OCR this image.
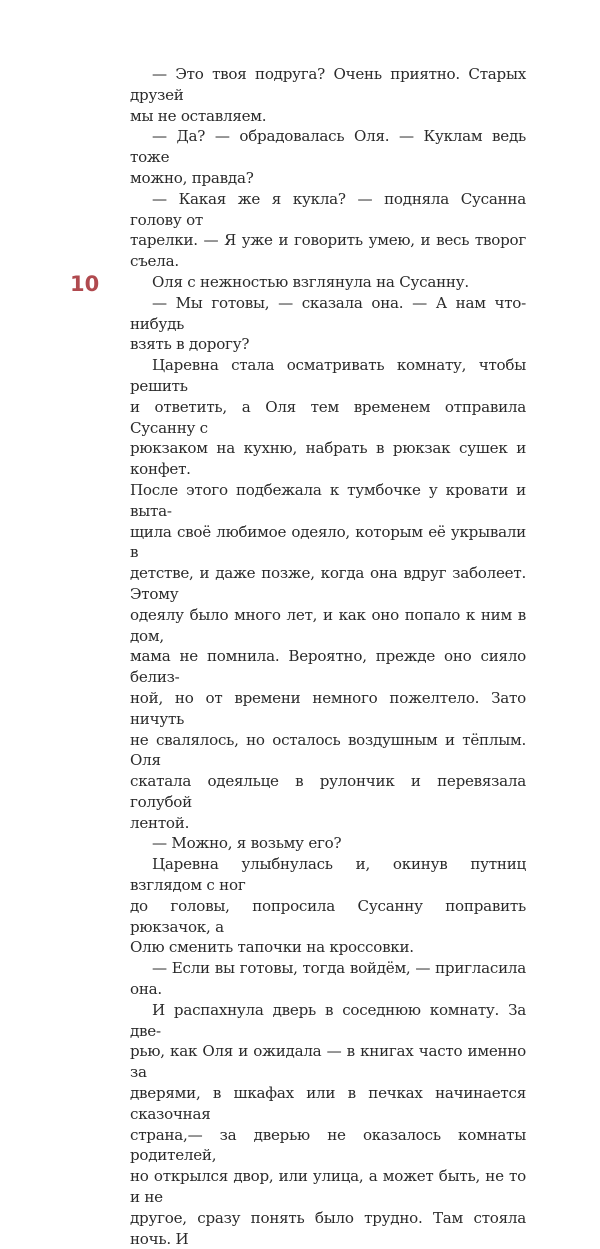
10

— Это твоя подруга? Очень приятно. Старых друзей
мы не оставляем.

— Да? — обрадовалась Оля. — Куклам ведь тоже
можно, правда?

— Какая же я кукла? — подняла Сусанна голову от
тарелки. — Я уже и говорить умею, и весь творог съела.

Оля с нежностью взглянула на Сусанну.

— Мы готовы, — сказала она. — А нам что-нибудь
взять в дорогу?

Царевна стала осматривать комнату, чтобы решить
и ответить, а Оля тем временем отправила Сусанну с
рюкзаком на кухню, набрать в рюкзак сушек и конфет.
После этого подбежала к тумбочке у кровати и выта-
щила своё любимое одеяло, которым её укрывали в
детстве, и даже позже, когда она вдруг заболеет. Этому
одеялу было много лет, и как оно попало к ним в дом,
мама не помнила. Вероятно, прежде оно сияло белиз-
ной, но от времени немного пожелтело. Зато ничуть
не свалялось, но осталось воздушным и тёплым. Оля
скатала одеяльце в рулончик и перевязала голубой
лентой.

— Можно, я возьму его?

Царевна улыбнулась и, окинув путниц взглядом с ног
до головы, попросила Сусанну поправить рюкзачок, а
Олю сменить тапочки на кроссовки.

— Если вы готовы, тогда войдём, — пригласила она.

И распахнула дверь в соседнюю комнату. За две-
рью, как Оля и ожидала — в книгах часто именно за
дверями, в шкафах или в печках начинается сказочная
страна,— за дверью не оказалось комнаты родителей,
но открылся двор, или улица, а может быть, не то и не
другое, сразу понять было трудно. Там стояла ночь. И
